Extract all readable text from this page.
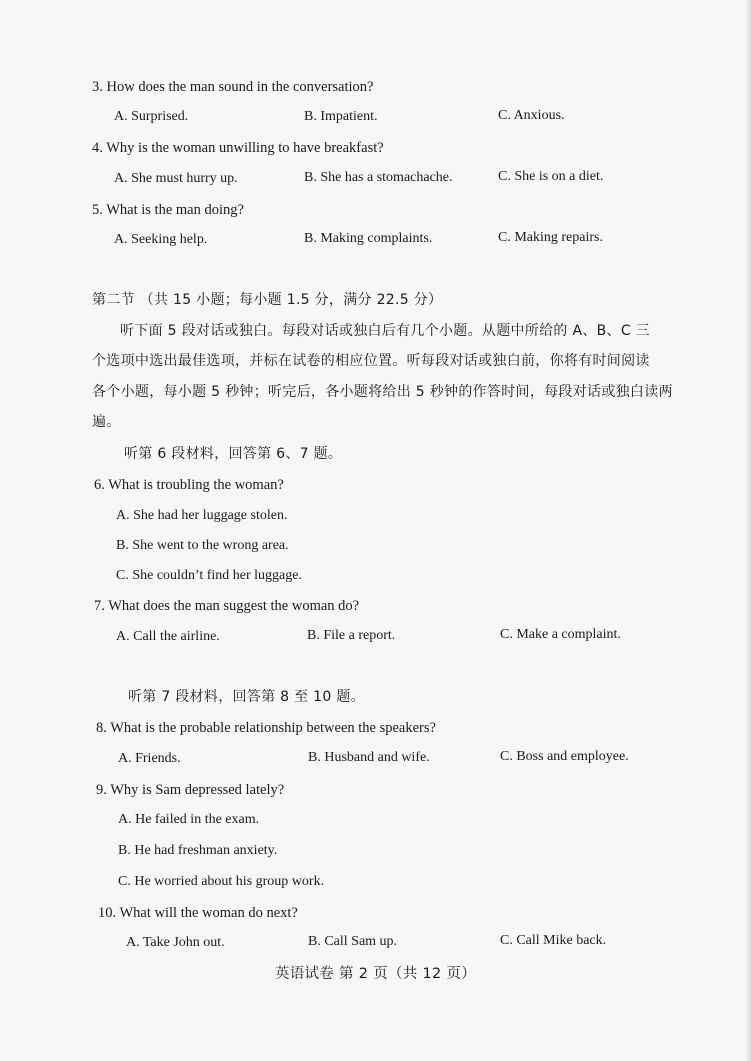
3. How does the man sound in the conversation?
A. Surprised.	B. Impatient.	C. Anxious.
4. Why is the woman unwilling to have breakfast?
A. She must hurry up.	B. She has a stomachache.	C. She is on a diet.
5. What is the man doing?
A. Seeking help.	B. Making complaints.	C. Making repairs.
第二节 （共 15 小题；每小题 1.5 分，满分 22.5 分）
听下面 5 段对话或独白。每段对话或独白后有几个小题。从题中所给的 A、B、C 三
个选项中选出最佳选项，并标在试卷的相应位置。听每段对话或独白前，你将有时间阅读
各个小题，每小题 5 秒钟；听完后，各小题将给出 5 秒钟的作答时间，每段对话或独白读两
遍。
听第 6 段材料，回答第 6、7 题。
6. What is troubling the woman?
A. She had her luggage stolen.
B. She went to the wrong area.
C. She couldn’t find her luggage.
7. What does the man suggest the woman do?
A. Call the airline.	B. File a report.	C. Make a complaint.
听第 7 段材料，回答第 8 至 10 题。
8. What is the probable relationship between the speakers?
A. Friends.	B. Husband and wife.	C. Boss and employee.
9. Why is Sam depressed lately?
A. He failed in the exam.
B. He had freshman anxiety.
C. He worried about his group work.
10. What will the woman do next?
A. Take John out.	B. Call Sam up.	C. Call Mike back.
英语试卷 第 2 页（共 12 页）
